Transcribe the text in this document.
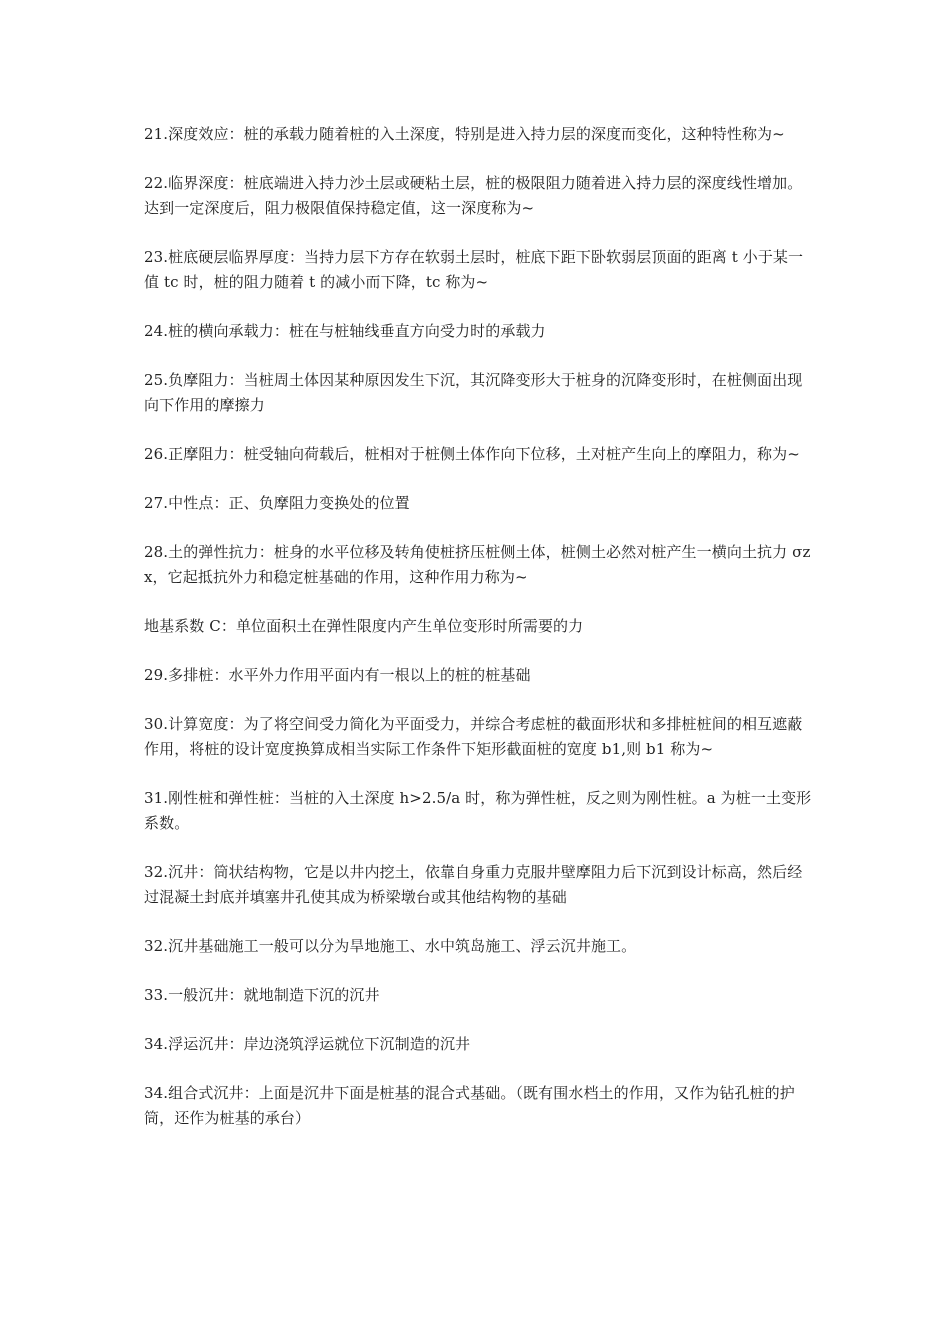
21.深度效应：桩的承载力随着桩的入土深度，特别是进入持力层的深度而变化，这种特性称为~

22.临界深度：桩底端进入持力沙土层或硬粘土层，桩的极限阻力随着进入持力层的深度线性增加。达到一定深度后，阻力极限值保持稳定值，这一深度称为~

23.桩底硬层临界厚度：当持力层下方存在软弱土层时，桩底下距下卧软弱层顶面的距离 t 小于某一值 tc 时，桩的阻力随着 t 的减小而下降，tc 称为~

24.桩的横向承载力：桩在与桩轴线垂直方向受力时的承载力

25.负摩阻力：当桩周土体因某种原因发生下沉，其沉降变形大于桩身的沉降变形时，在桩侧面出现向下作用的摩擦力

26.正摩阻力：桩受轴向荷载后，桩相对于桩侧土体作向下位移，土对桩产生向上的摩阻力，称为~

27.中性点：正、负摩阻力变换处的位置

28.土的弹性抗力：桩身的水平位移及转角使桩挤压桩侧土体，桩侧土必然对桩产生一横向土抗力 σzx，它起抵抗外力和稳定桩基础的作用，这种作用力称为~

地基系数 C：单位面积土在弹性限度内产生单位变形时所需要的力

29.多排桩：水平外力作用平面内有一根以上的桩的桩基础

30.计算宽度：为了将空间受力简化为平面受力，并综合考虑桩的截面形状和多排桩桩间的相互遮蔽作用，将桩的设计宽度换算成相当实际工作条件下矩形截面桩的宽度 b1,则 b1 称为~

31.刚性桩和弹性桩：当桩的入土深度 h>2.5/a 时，称为弹性桩，反之则为刚性桩。a 为桩一土变形系数。

32.沉井：筒状结构物，它是以井内挖土，依靠自身重力克服井壁摩阻力后下沉到设计标高，然后经过混凝土封底并填塞井孔使其成为桥梁墩台或其他结构物的基础

32.沉井基础施工一般可以分为旱地施工、水中筑岛施工、浮云沉井施工。

33.一般沉井：就地制造下沉的沉井

34.浮运沉井：岸边浇筑浮运就位下沉制造的沉井

34.组合式沉井：上面是沉井下面是桩基的混合式基础。（既有围水档土的作用，又作为钻孔桩的护筒，还作为桩基的承台）
